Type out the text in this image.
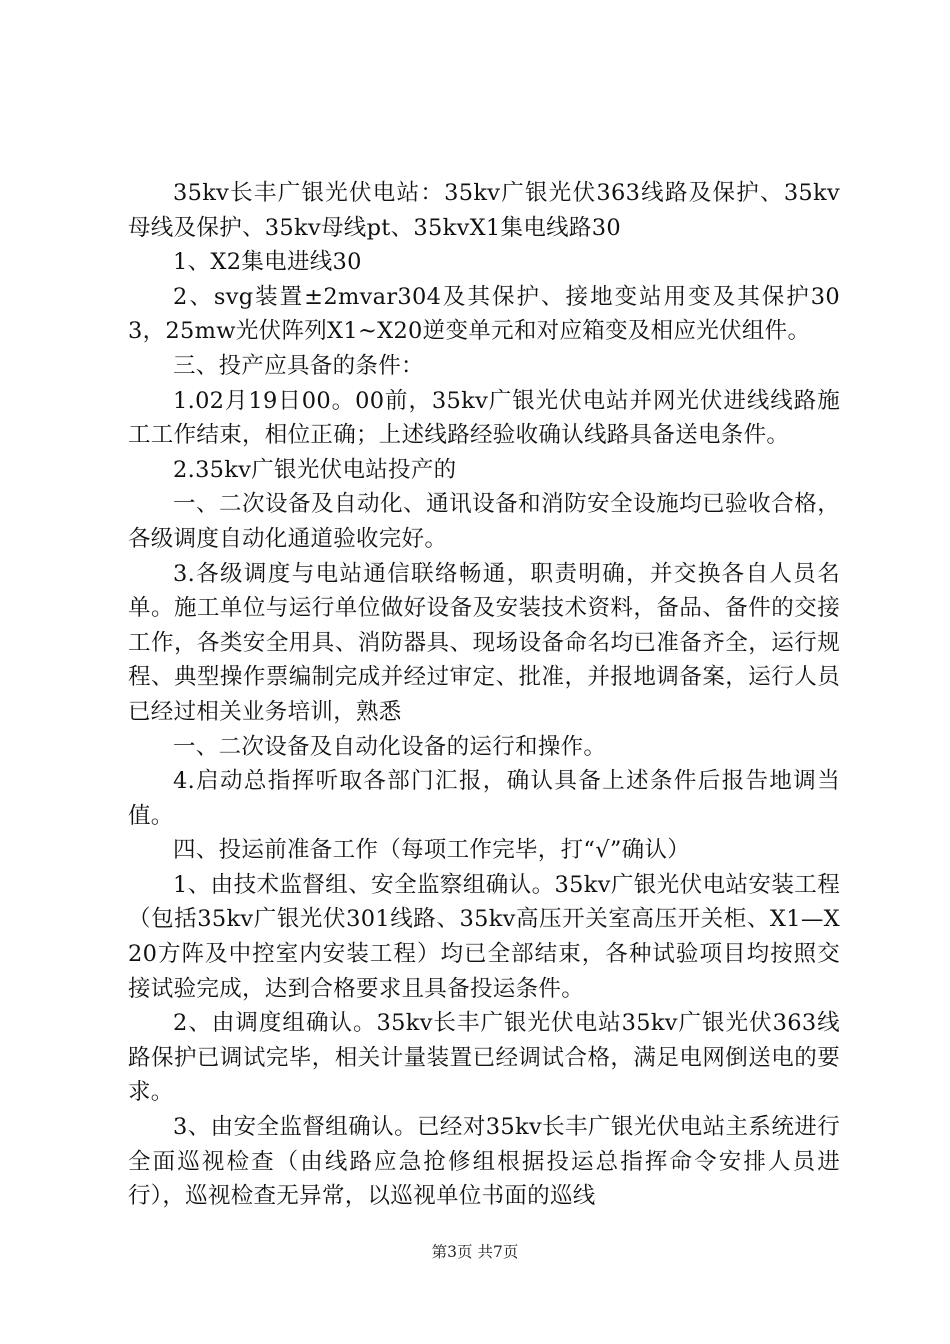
35kv长丰广银光伏电站：35kv广银光伏363线路及保护、35kv母线及保护、35kv母线pt、35kvX1集电线路30

1、X2集电进线30

2、svg装置±2mvar304及其保护、接地变站用变及其保护303，25mw光伏阵列X1~X20逆变单元和对应箱变及相应光伏组件。

三、投产应具备的条件：

1.02月19日00。00前，35kv广银光伏电站并网光伏进线线路施工工作结束，相位正确；上述线路经验收确认线路具备送电条件。

2.35kv广银光伏电站投产的

一、二次设备及自动化、通讯设备和消防安全设施均已验收合格，各级调度自动化通道验收完好。

3.各级调度与电站通信联络畅通，职责明确，并交换各自人员名单。施工单位与运行单位做好设备及安装技术资料，备品、备件的交接工作，各类安全用具、消防器具、现场设备命名均已准备齐全，运行规程、典型操作票编制完成并经过审定、批准，并报地调备案，运行人员已经过相关业务培训，熟悉

一、二次设备及自动化设备的运行和操作。

4.启动总指挥听取各部门汇报，确认具备上述条件后报告地调当值。

四、投运前准备工作（每项工作完毕，打“√”确认）

1、由技术监督组、安全监察组确认。35kv广银光伏电站安装工程（包括35kv广银光伏301线路、35kv高压开关室高压开关柜、X1—X20方阵及中控室内安装工程）均已全部结束，各种试验项目均按照交接试验完成，达到合格要求且具备投运条件。

2、由调度组确认。35kv长丰广银光伏电站35kv广银光伏363线路保护已调试完毕，相关计量装置已经调试合格，满足电网倒送电的要求。

3、由安全监督组确认。已经对35kv长丰广银光伏电站主系统进行全面巡视检查（由线路应急抢修组根据投运总指挥命令安排人员进行），巡视检查无异常，以巡视单位书面的巡线

第3页 共7页
